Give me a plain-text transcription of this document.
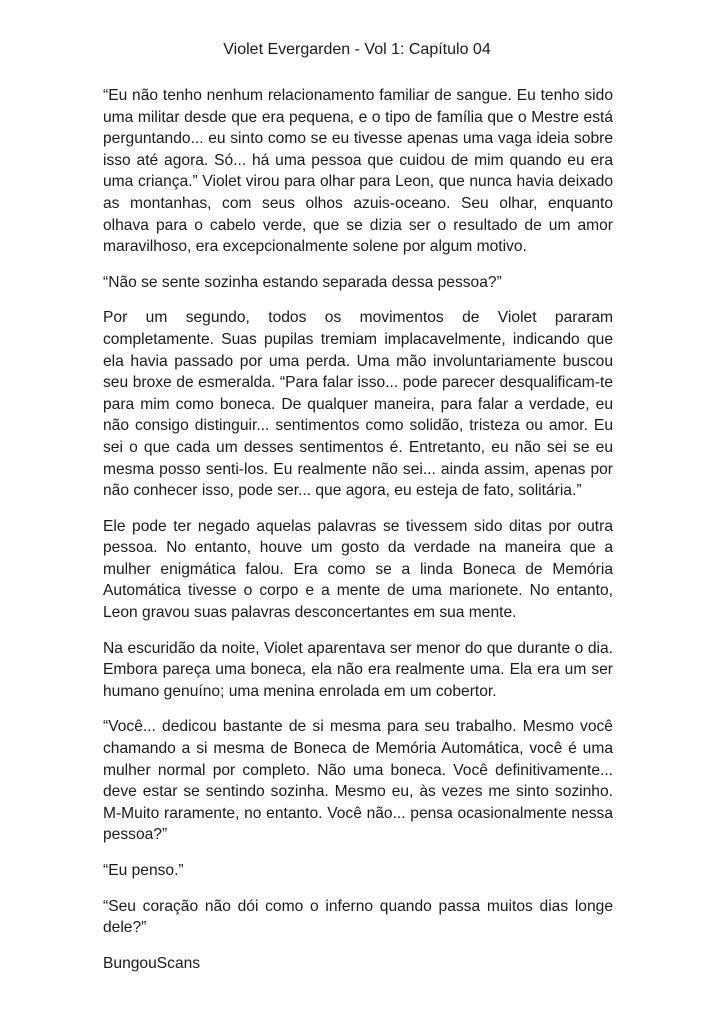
Violet Evergarden - Vol 1: Capítulo 04

“Eu não tenho nenhum relacionamento familiar de sangue. Eu tenho sido uma militar desde que era pequena, e o tipo de família que o Mestre está perguntando... eu sinto como se eu tivesse apenas uma vaga ideia sobre isso até agora. Só... há uma pessoa que cuidou de mim quando eu era uma criança.” Violet virou para olhar para Leon, que nunca havia deixado as montanhas, com seus olhos azuis-oceano. Seu olhar, enquanto olhava para o cabelo verde, que se dizia ser o resultado de um amor maravilhoso, era excepcionalmente solene por algum motivo.

“Não se sente sozinha estando separada dessa pessoa?”

Por um segundo, todos os movimentos de Violet pararam completamente. Suas pupilas tremiam implacavelmente, indicando que ela havia passado por uma perda. Uma mão involuntariamente buscou seu broxe de esmeralda. “Para falar isso... pode parecer desqualificam-te para mim como boneca. De qualquer maneira, para falar a verdade, eu não consigo distinguir... sentimentos como solidão, tristeza ou amor. Eu sei o que cada um desses sentimentos é. Entretanto, eu não sei se eu mesma posso senti-los. Eu realmente não sei... ainda assim, apenas por não conhecer isso, pode ser... que agora, eu esteja de fato, solitária.”

Ele pode ter negado aquelas palavras se tivessem sido ditas por outra pessoa. No entanto, houve um gosto da verdade na maneira que a mulher enigmática falou. Era como se a linda Boneca de Memória Automática tivesse o corpo e a mente de uma marionete. No entanto, Leon gravou suas palavras desconcertantes em sua mente.

Na escuridão da noite, Violet aparentava ser menor do que durante o dia. Embora pareça uma boneca, ela não era realmente uma. Ela era um ser humano genuíno; uma menina enrolada em um cobertor.

“Você... dedicou bastante de si mesma para seu trabalho. Mesmo você chamando a si mesma de Boneca de Memória Automática, você é uma mulher normal por completo. Não uma boneca. Você definitivamente... deve estar se sentindo sozinha. Mesmo eu, às vezes me sinto sozinho. M-Muito raramente, no entanto. Você não... pensa ocasionalmente nessa pessoa?”

“Eu penso.”

“Seu coração não dói como o inferno quando passa muitos dias longe dele?”

BungouScans
